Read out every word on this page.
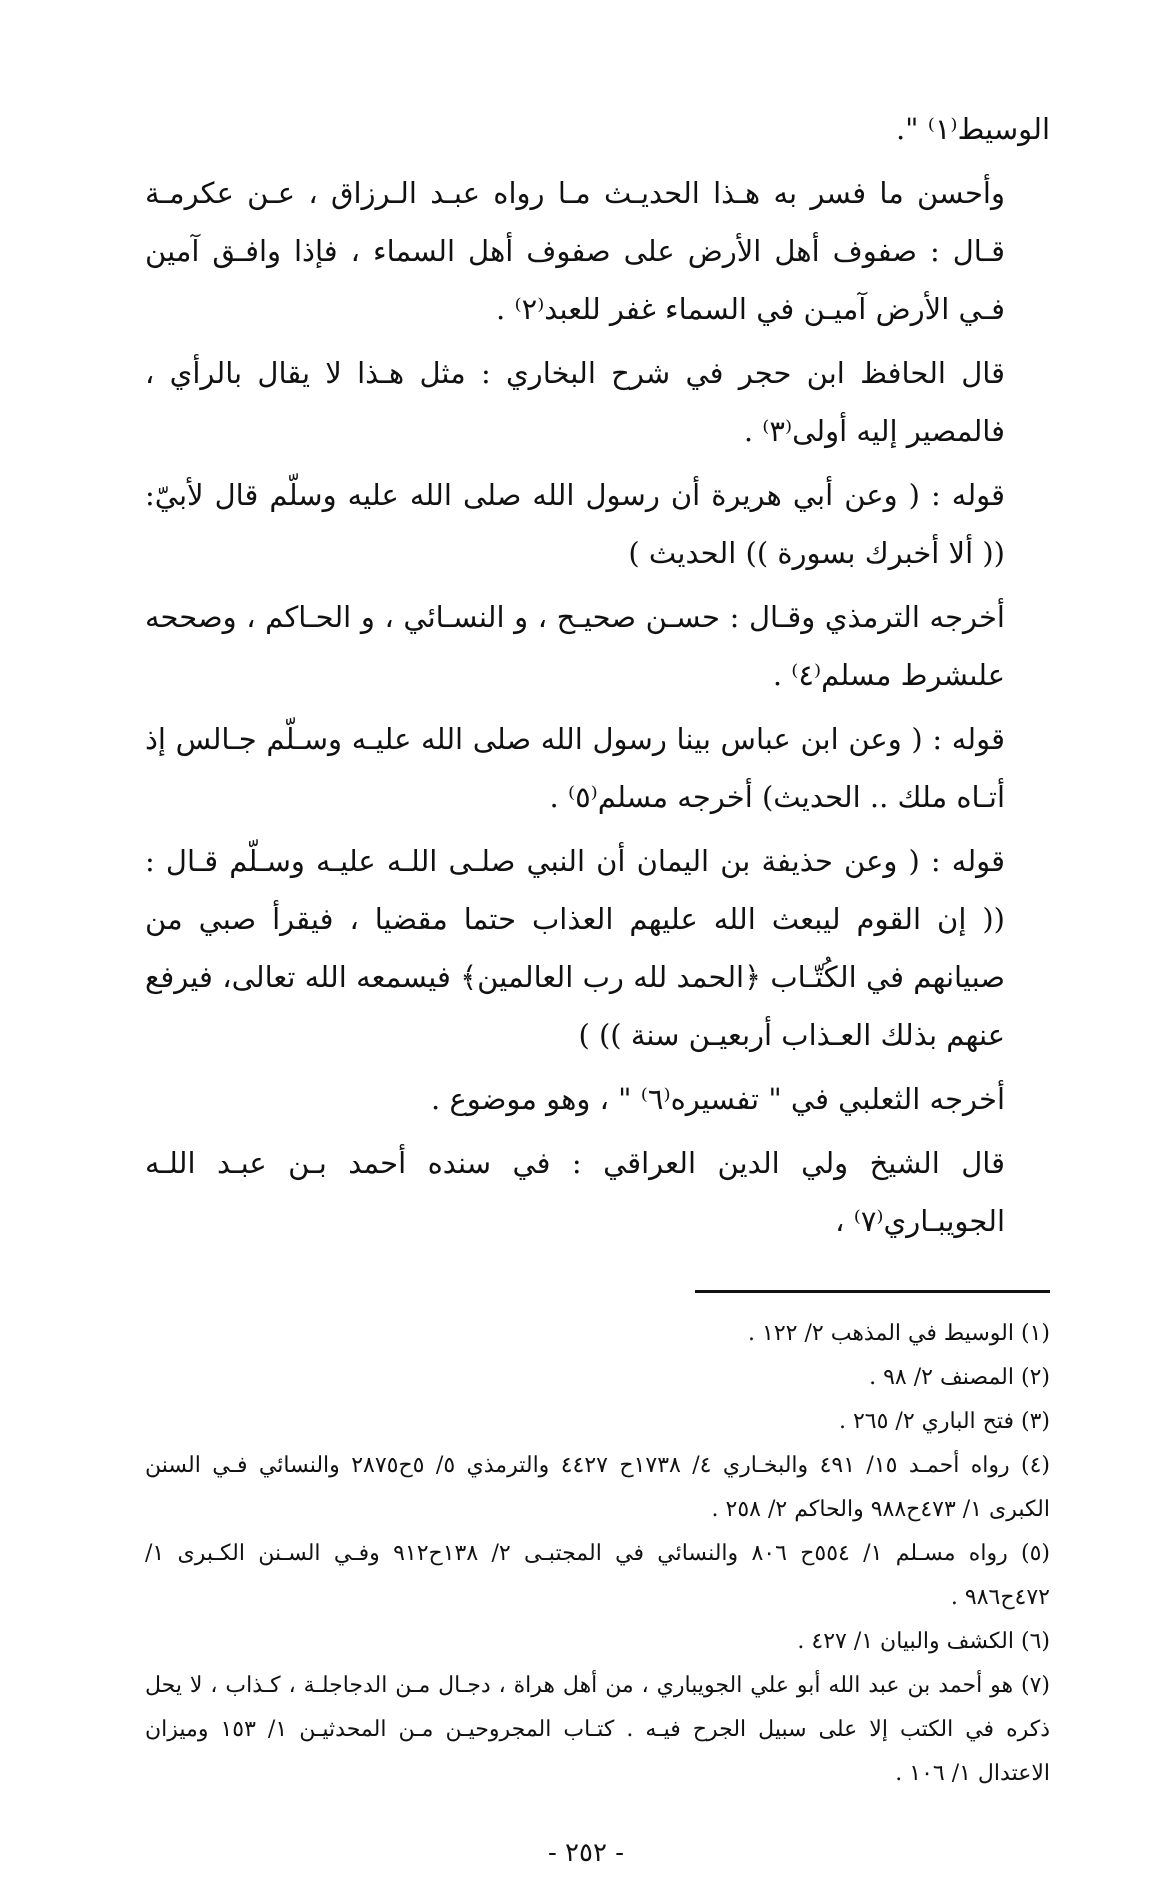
الوسيط⁽١⁾ ".

وأحسن ما فسر به هـذا الحديـث مـا رواه عبـد الـرزاق ، عـن عكرمـة قـال : صفوف أهل الأرض على صفوف أهل السماء ، فإذا وافـق آمين فـي الأرض آميـن في السماء غفر للعبد⁽٢⁾ .

قال الحافظ ابن حجر في شرح البخاري : مثل هـذا لا يقال بالرأي ، فالمصير إليه أولى⁽٣⁾ .

قوله : ( وعن أبي هريرة أن رسول الله صلى الله عليه وسلّم قال لأبيّ: (( ألا أخبرك بسورة )) الحديث )

أخرجه الترمذي وقـال : حسـن صحيـح ، و النسـائي ، و الحـاكم ، وصححه علىشرط مسلم⁽٤⁾ .

قوله : ( وعن ابن عباس بينا رسول الله صلى الله عليـه وسـلّم جـالس إذ أتـاه ملك .. الحديث) أخرجه مسلم⁽٥⁾ .

قوله : ( وعن حذيفة بن اليمان أن النبي صلـى اللـه عليـه وسـلّم قـال : (( إن القوم ليبعث الله عليهم العذاب حتما مقضيا ، فيقرأ صبي من صبيانهم في الكُتّـاب ﴿الحمد لله رب العالمين﴾ فيسمعه الله تعالى، فيرفع عنهم بذلك العـذاب أربعيـن سنة )) )

أخرجه الثعلبي في " تفسيره⁽٦⁾ " ، وهو موضوع .

قال الشيخ ولي الدين العراقي : في سنده أحمد بـن عبـد اللـه الجويبـاري⁽٧⁾ ،

(١) الوسيط في المذهب ٢/ ١٢٢ .

(٢) المصنف ٢/ ٩٨ .

(٣) فتح الباري ٢/ ٢٦٥ .

(٤) رواه أحمـد ١٥/ ٤٩١ والبخـاري ٤/ ١٧٣٨ح ٤٤٢٧ والترمذي ٥/ ٥ح٢٨٧٥ والنسائي فـي السنن الكبرى ١/ ٤٧٣ح٩٨٨ والحاكم ٢/ ٢٥٨ .

(٥) رواه مسـلم ١/ ٥٥٤ح ٨٠٦ والنسائي في المجتبـى ٢/ ١٣٨ح٩١٢ وفـي السـنن الكـبرى ١/ ٤٧٢ح٩٨٦ .

(٦) الكشف والبيان ١/ ٤٢٧ .

(٧) هو أحمد بن عبد الله أبو علي الجويباري ، من أهل هراة ، دجـال مـن الدجاجلـة ، كـذاب ، لا يحل ذكره في الكتب إلا على سبيل الجرح فيـه . كتـاب المجروحيـن مـن المحدثيـن ١/ ١٥٣ وميزان الاعتدال ١/ ١٠٦ .

- ٢٥٢ -
